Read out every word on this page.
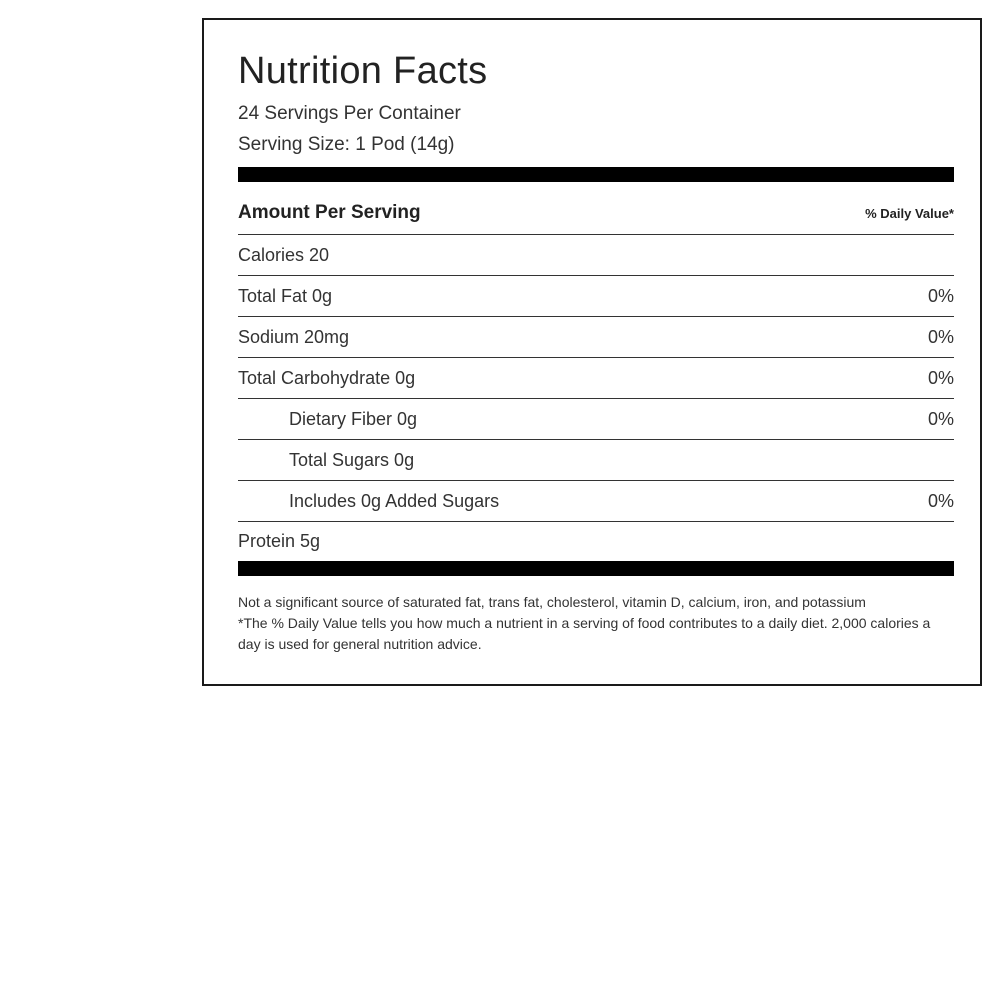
Nutrition Facts
24 Servings Per Container
Serving Size: 1 Pod (14g)
Amount Per Serving	% Daily Value*
Calories 20
Total Fat 0g	0%
Sodium 20mg	0%
Total Carbohydrate 0g	0%
Dietary Fiber 0g	0%
Total Sugars 0g
Includes 0g Added Sugars	0%
Protein 5g

Not a significant source of saturated fat, trans fat, cholesterol, vitamin D, calcium, iron, and potassium

*The % Daily Value tells you how much a nutrient in a serving of food contributes to a daily diet. 2,000 calories a day is used for general nutrition advice.
